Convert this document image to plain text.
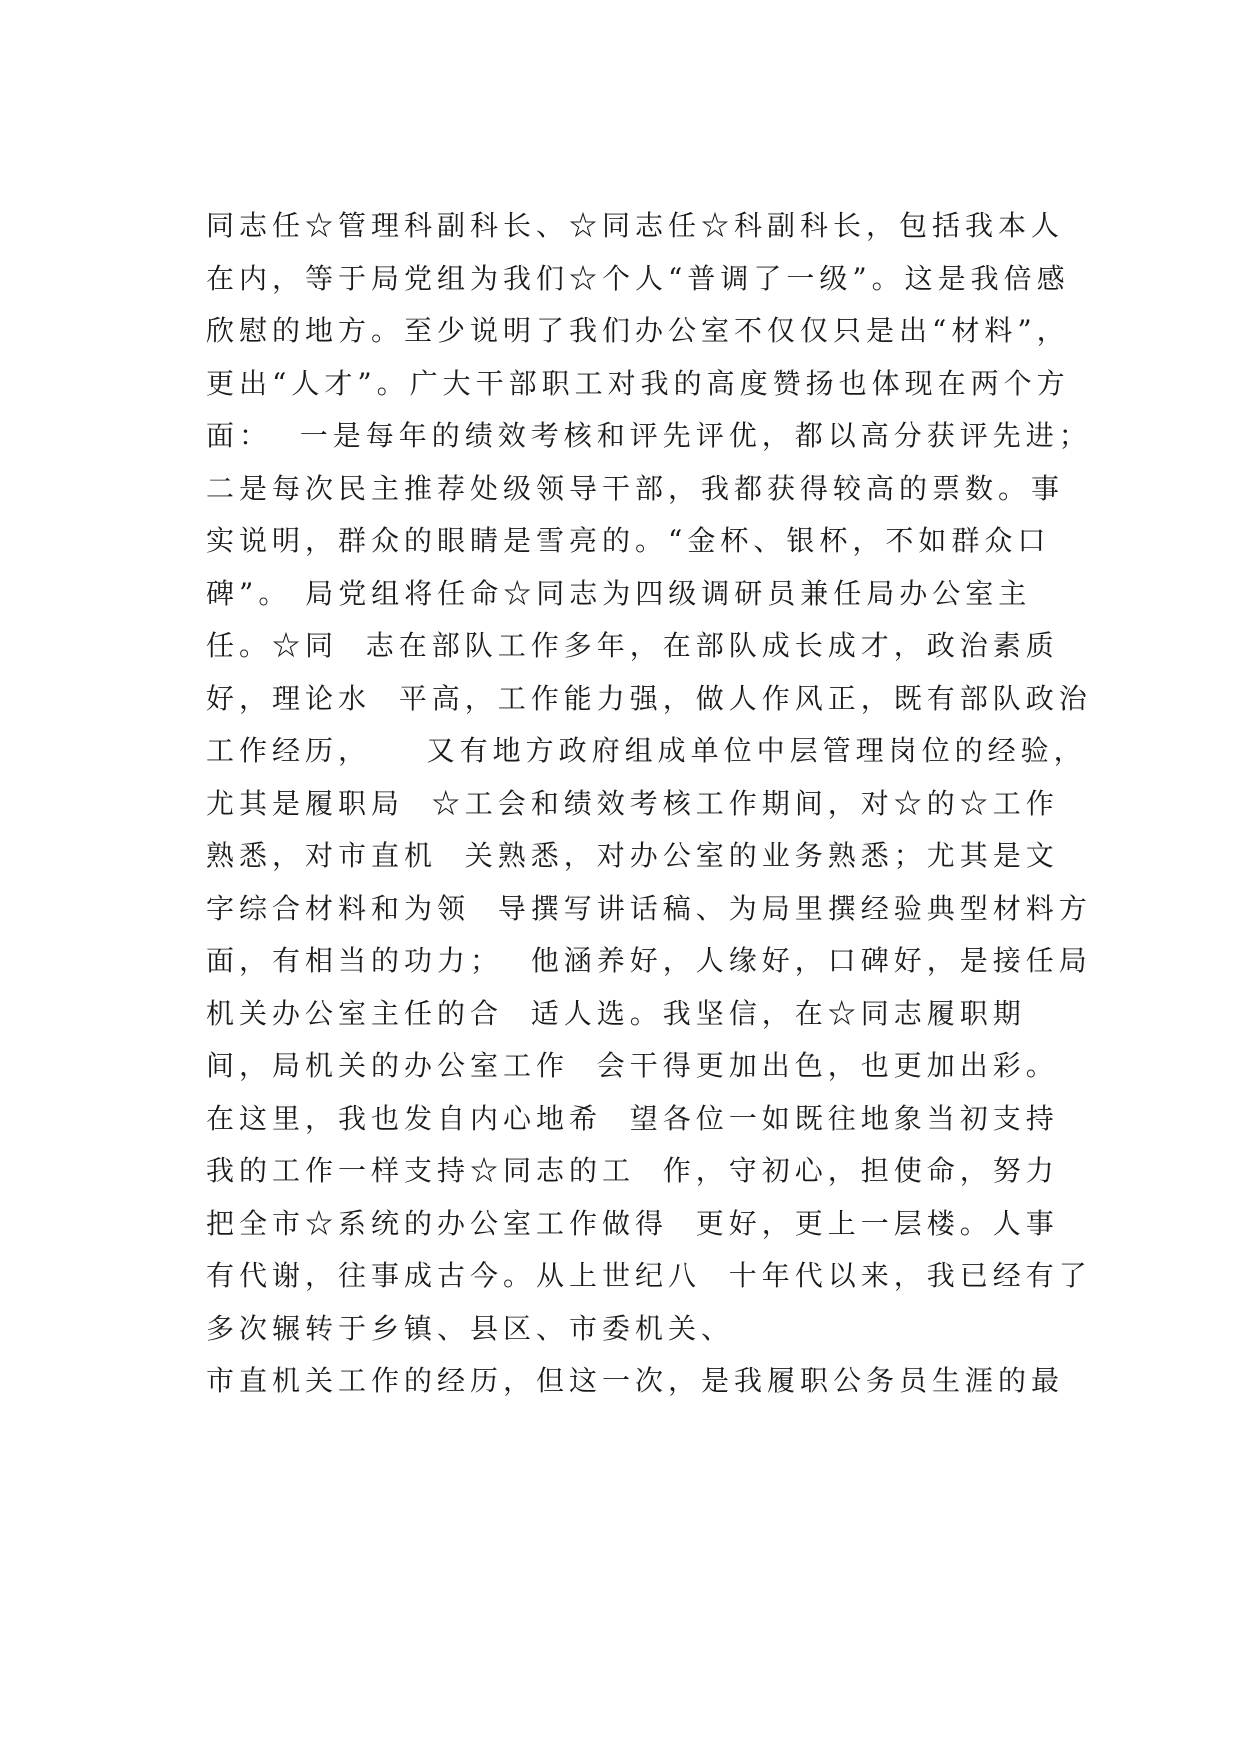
同志任☆管理科副科长、☆同志任☆科副科长，包括我本人
在内，等于局党组为我们☆个人“普调了一级”。这是我倍感
欣慰的地方。至少说明了我们办公室不仅仅只是出“材料”，
更出“人才”。广大干部职工对我的高度赞扬也体现在两个方
面：  一是每年的绩效考核和评先评优，都以高分获评先进；
二是每次民主推荐处级领导干部，我都获得较高的票数。事
实说明，群众的眼睛是雪亮的。“金杯、银杯，不如群众口
碑”。 局党组将任命☆同志为四级调研员兼任局办公室主
任。☆同  志在部队工作多年，在部队成长成才，政治素质
好，理论水  平高，工作能力强，做人作风正，既有部队政治
工作经历，    又有地方政府组成单位中层管理岗位的经验，
尤其是履职局  ☆工会和绩效考核工作期间，对☆的☆工作
熟悉，对市直机  关熟悉，对办公室的业务熟悉；尤其是文
字综合材料和为领  导撰写讲话稿、为局里撰经验典型材料方
面，有相当的功力；  他涵养好，人缘好，口碑好，是接任局
机关办公室主任的合  适人选。我坚信，在☆同志履职期
间，局机关的办公室工作  会干得更加出色，也更加出彩。
在这里，我也发自内心地希  望各位一如既往地象当初支持
我的工作一样支持☆同志的工  作，守初心，担使命，努力
把全市☆系统的办公室工作做得  更好，更上一层楼。人事
有代谢，往事成古今。从上世纪八  十年代以来，我已经有了
多次辗转于乡镇、县区、市委机关、
市直机关工作的经历，但这一次，是我履职公务员生涯的最
